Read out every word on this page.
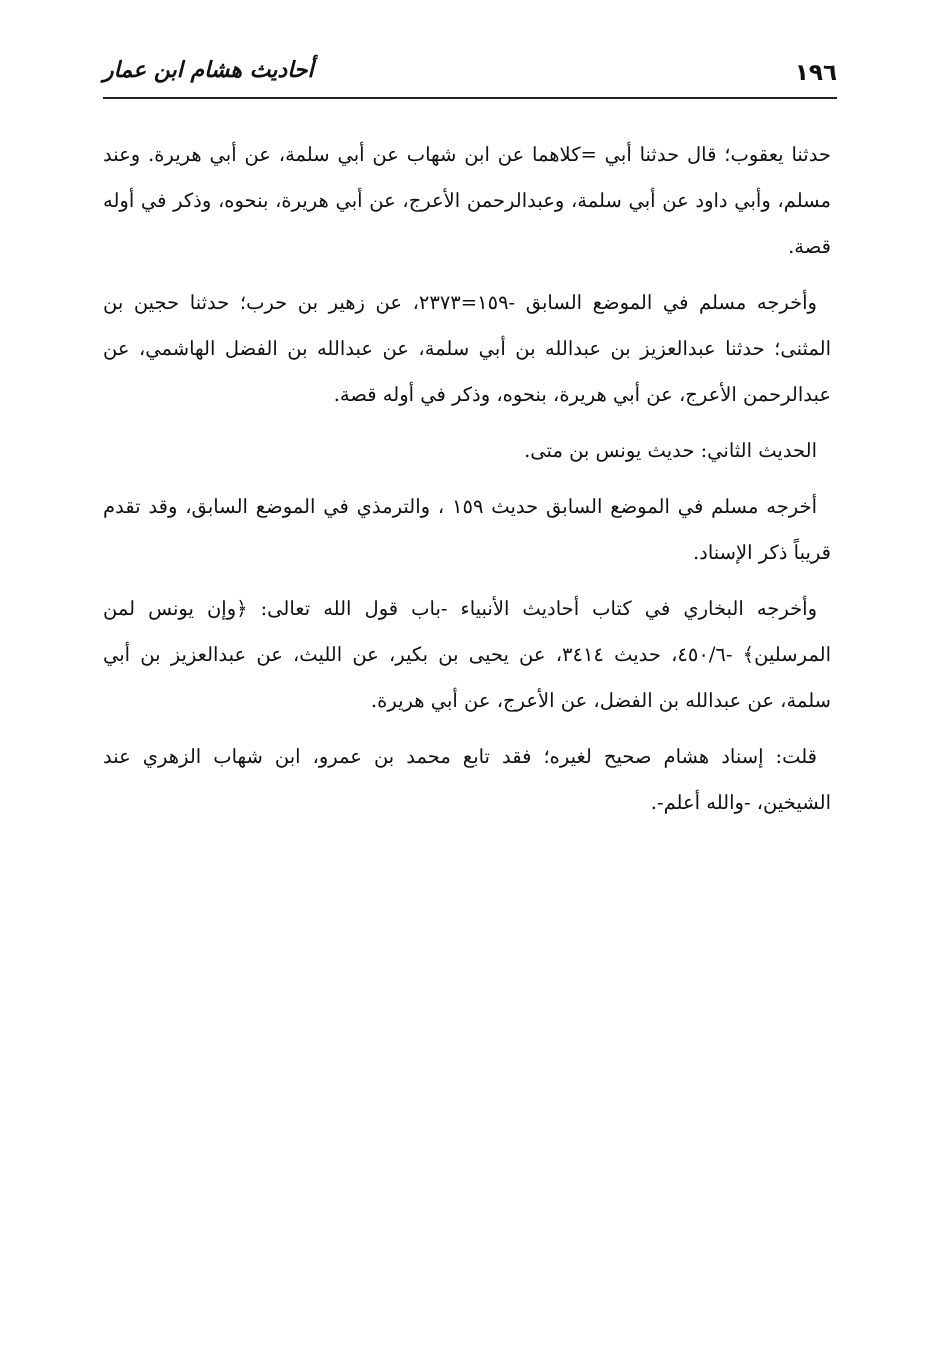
١٩٦
أحاديث هشام ابن عمار

حدثنا يعقوب؛ قال حدثنا أبي =كلاهما عن ابن شهاب عن أبي سلمة، عن أبي هريرة. وعند مسلم، وأبي داود عن أبي سلمة، وعبدالرحمن الأعرج، عن أبي هريرة، بنحوه، وذكر في أوله قصة.

وأخرجه مسلم في الموضع السابق -١٥٩=٢٣٧٣، عن زهير بن حرب؛ حدثنا حجين بن المثنى؛ حدثنا عبدالعزيز بن عبدالله بن أبي سلمة، عن عبدالله بن الفضل الهاشمي، عن عبدالرحمن الأعرج، عن أبي هريرة، بنحوه، وذكر في أوله قصة.

الحديث الثاني: حديث يونس بن متى.

أخرجه مسلم في الموضع السابق حديث ١٥٩ ، والترمذي في الموضع السابق، وقد تقدم قريباً ذكر الإسناد.

وأخرجه البخاري في كتاب أحاديث الأنبياء -باب قول الله تعالى: ﴿وإن يونس لمن المرسلين﴾ -٤٥٠/٦، حديث ٣٤١٤، عن يحيى بن بكير، عن الليث، عن عبدالعزيز بن أبي سلمة، عن عبدالله بن الفضل، عن الأعرج، عن أبي هريرة.

قلت: إسناد هشام صحيح لغيره؛ فقد تابع محمد بن عمرو، ابن شهاب الزهري عند الشيخين، -والله أعلم-.
